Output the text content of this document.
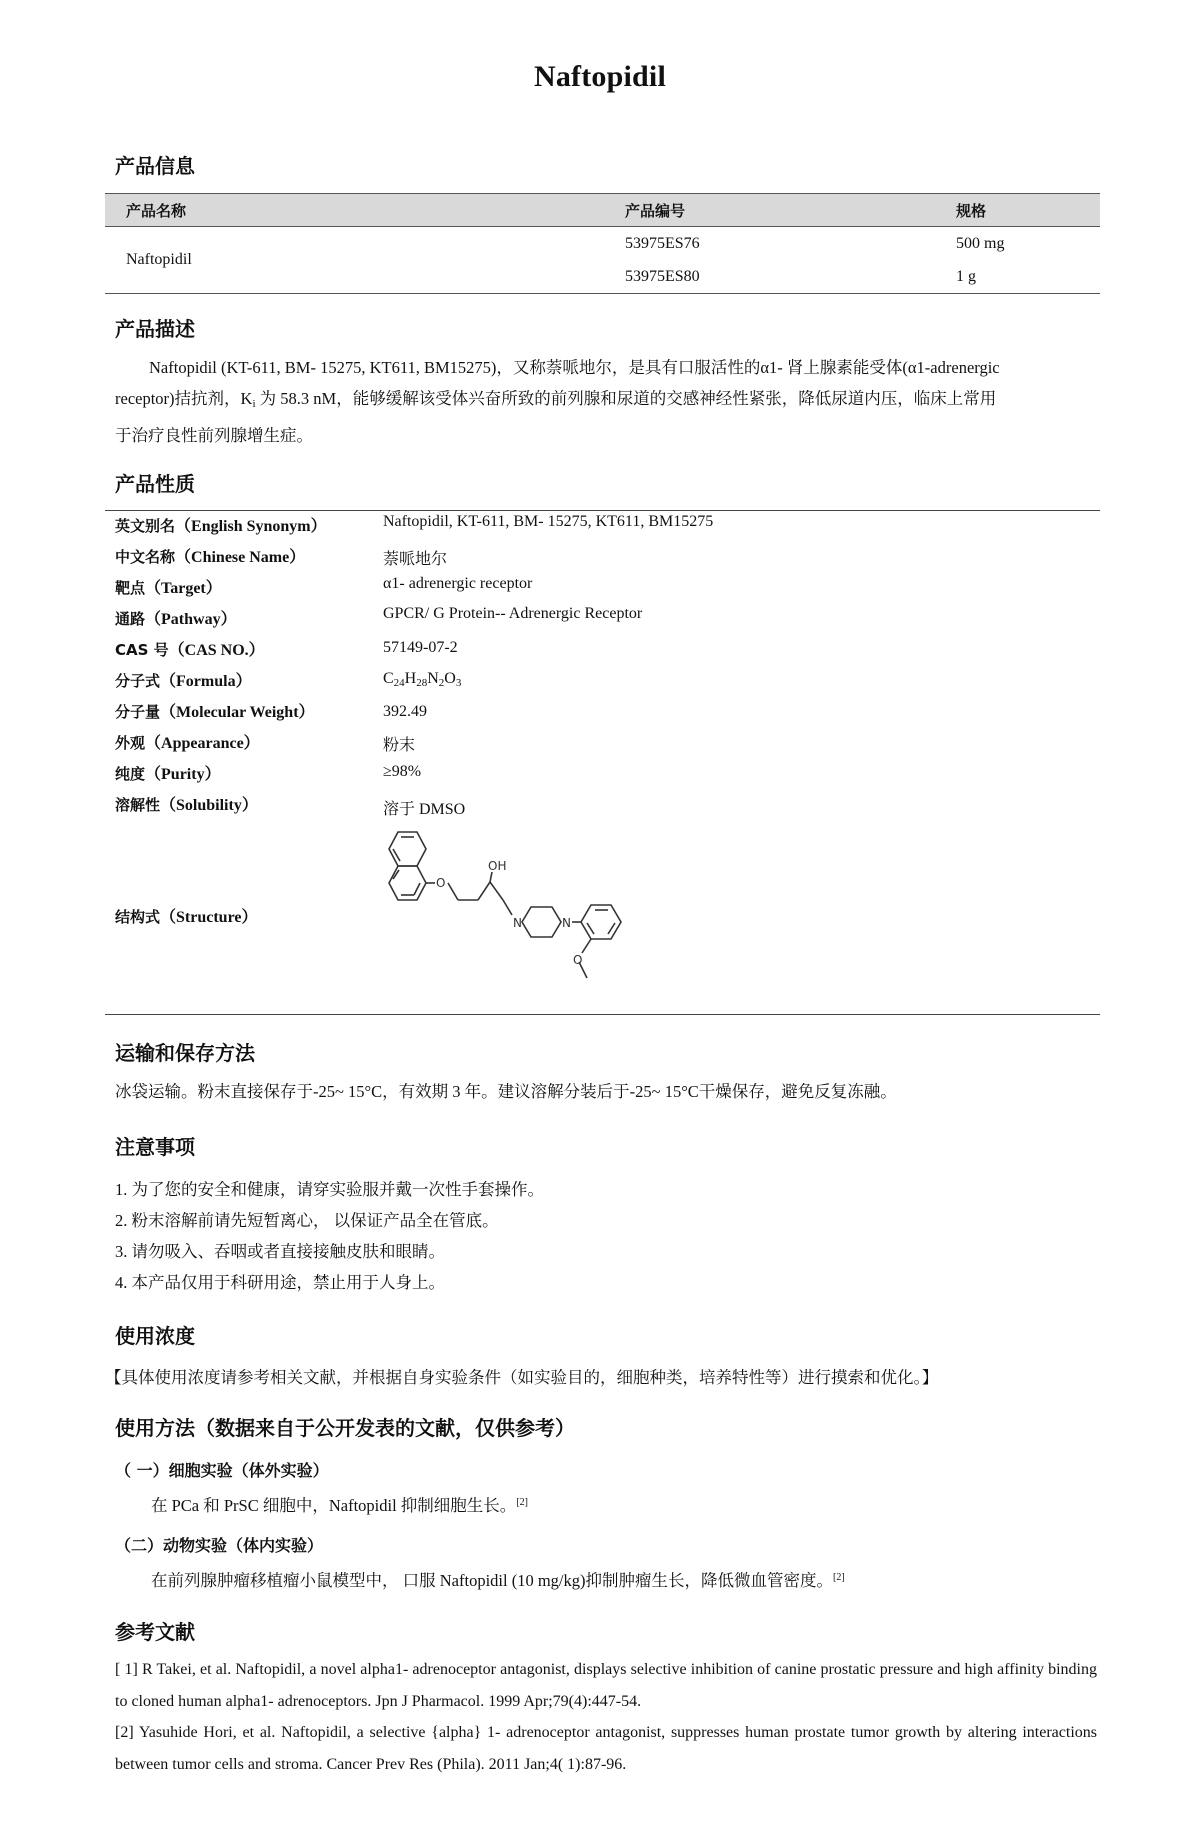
Naftopidil
产品信息
产品名称	产品编号	规格
Naftopidil	53975ES76	500 mg
	53975ES80	1 g
产品描述
Naftopidil (KT-611, BM- 15275, KT611, BM15275)，又称萘哌地尔，是具有口服活性的α1- 肾上腺素能受体(α1-adrenergic
receptor)拮抗剂，$K_i$ 为 58.3 nM，能够缓解该受体兴奋所致的前列腺和尿道的交感神经性紧张，降低尿道内压，临床上常用
于治疗良性前列腺增生症。
产品性质
英文别名（English Synonym）	Naftopidil, KT-611, BM- 15275, KT611, BM15275
中文名称（Chinese Name）	萘哌地尔
靶点（Target）	α1- adrenergic receptor
通路（Pathway）	GPCR/ G Protein-- Adrenergic Receptor
CAS 号（CAS NO.）	57149-07-2
分子式（Formula）	$C_{24}H_{28}N_2O_3$
分子量（Molecular Weight）	392.49
外观（Appearance）	粉末
纯度（Purity）	≥98%
溶解性（Solubility）	溶于 DMSO
结构式（Structure）
O
OH
N	N
O
运输和保存方法
冰袋运输。粉末直接保存于-25~ 15°C，有效期 3 年。建议溶解分装后于-25~ 15°C干燥保存，避免反复冻融。
注意事项
1. 为了您的安全和健康，请穿实验服并戴一次性手套操作。
2. 粉末溶解前请先短暂离心， 以保证产品全在管底。
3. 请勿吸入、吞咽或者直接接触皮肤和眼睛。
4. 本产品仅用于科研用途，禁止用于人身上。
使用浓度
【具体使用浓度请参考相关文献，并根据自身实验条件（如实验目的，细胞种类，培养特性等）进行摸索和优化。】
使用方法（数据来自于公开发表的文献，仅供参考）
（ 一）细胞实验（体外实验）
在 PCa 和 PrSC 细胞中，Naftopidil 抑制细胞生长。[2]
（二）动物实验（体内实验）
在前列腺肿瘤移植瘤小鼠模型中， 口服 Naftopidil (10 mg/kg)抑制肿瘤生长，降低微血管密度。[2]
参考文献
[ 1] R Takei, et al. Naftopidil, a novel alpha1- adrenoceptor antagonist, displays selective inhibition of canine prostatic pressure and high affinity binding to cloned human alpha1- adrenoceptors. Jpn J Pharmacol. 1999 Apr;79(4):447-54.
[2] Yasuhide Hori, et al. Naftopidil, a selective {alpha} 1- adrenoceptor antagonist, suppresses human prostate tumor growth by altering interactions between tumor cells and stroma. Cancer Prev Res (Phila). 2011 Jan;4( 1):87-96.
